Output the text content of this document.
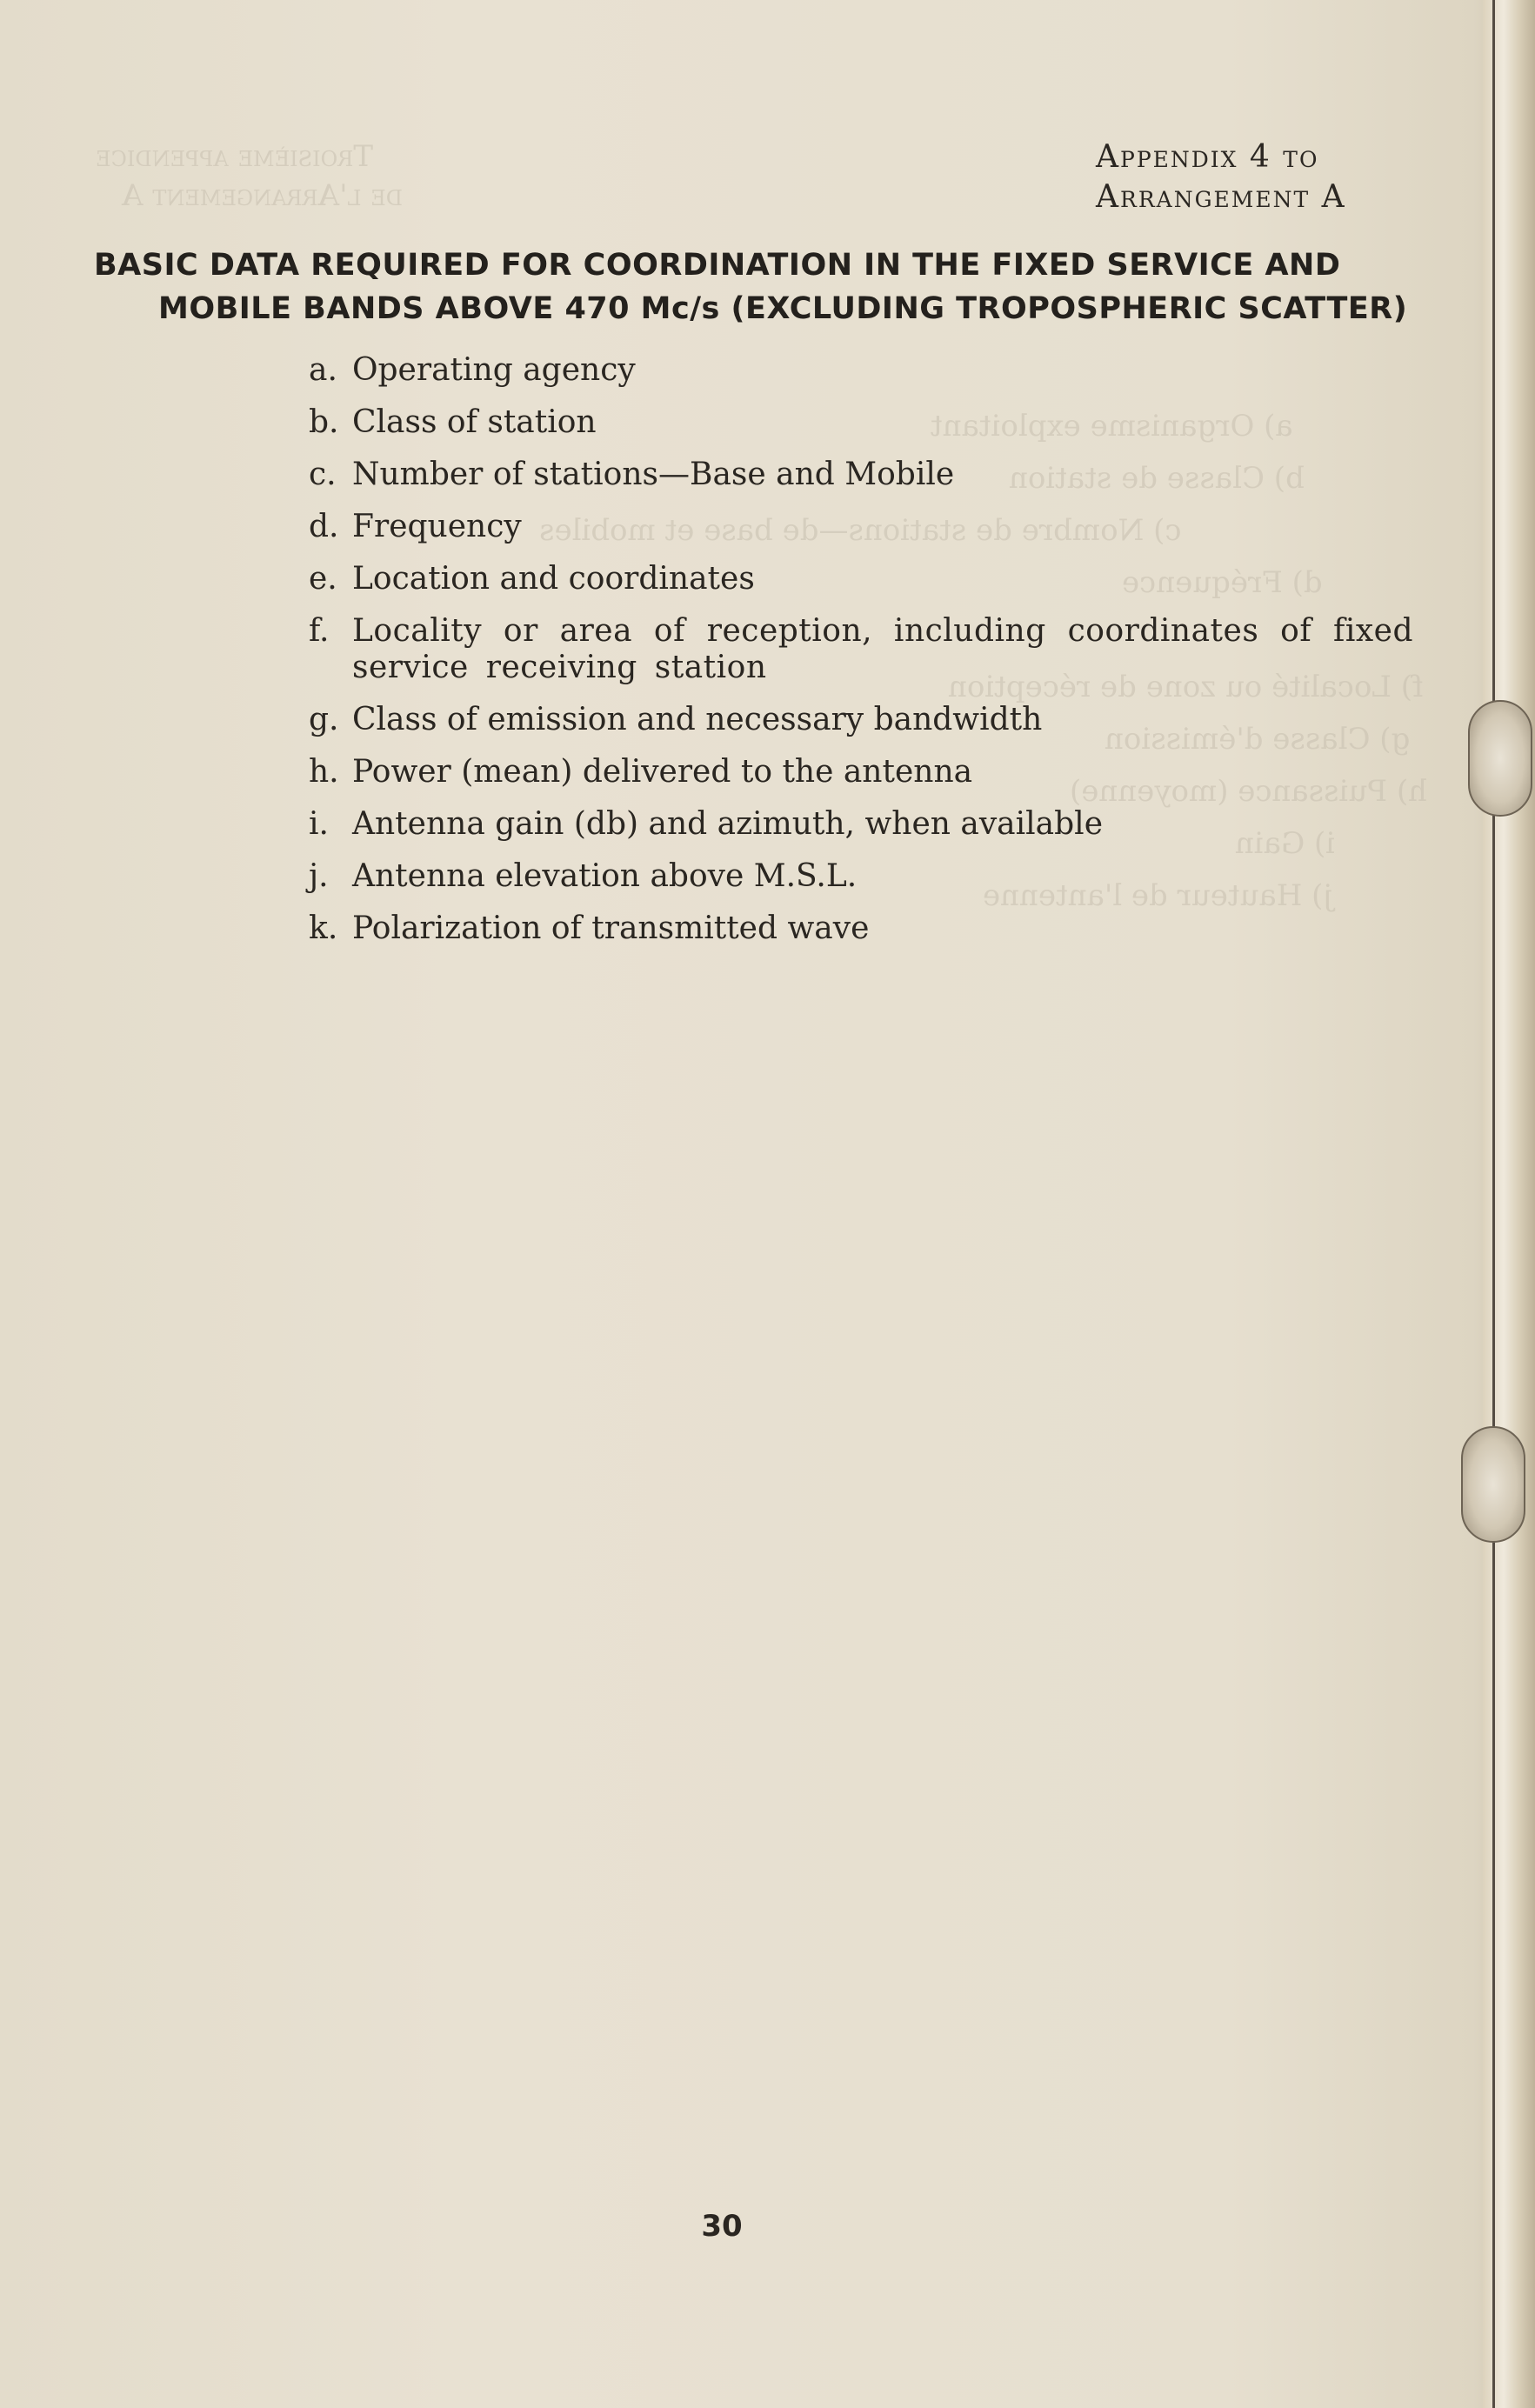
Troisième appendice
de l'Arrangement A
a) Organisme exploitant
b) Classe de station
c) Nombre de stations—de base et mobiles
d) Fréquence
f) Localité ou zone de réception
g) Classe d'émission
h) Puissance (moyenne)
i) Gain
j) Hauteur de l'antenne
Appendix 4 to
Arrangement A
BASIC DATA REQUIRED FOR COORDINATION IN THE FIXED SERVICE AND
MOBILE BANDS ABOVE 470 Mc/s (EXCLUDING TROPOSPHERIC SCATTER)
a. Operating agency
b. Class of station
c. Number of stations—Base and Mobile
d. Frequency
e. Location and coordinates
f. Locality or area of reception, including coordinates of fixed service receiving station
g. Class of emission and necessary bandwidth
h. Power (mean) delivered to the antenna
i. Antenna gain (db) and azimuth, when available
j. Antenna elevation above M.S.L.
k. Polarization of transmitted wave
30
